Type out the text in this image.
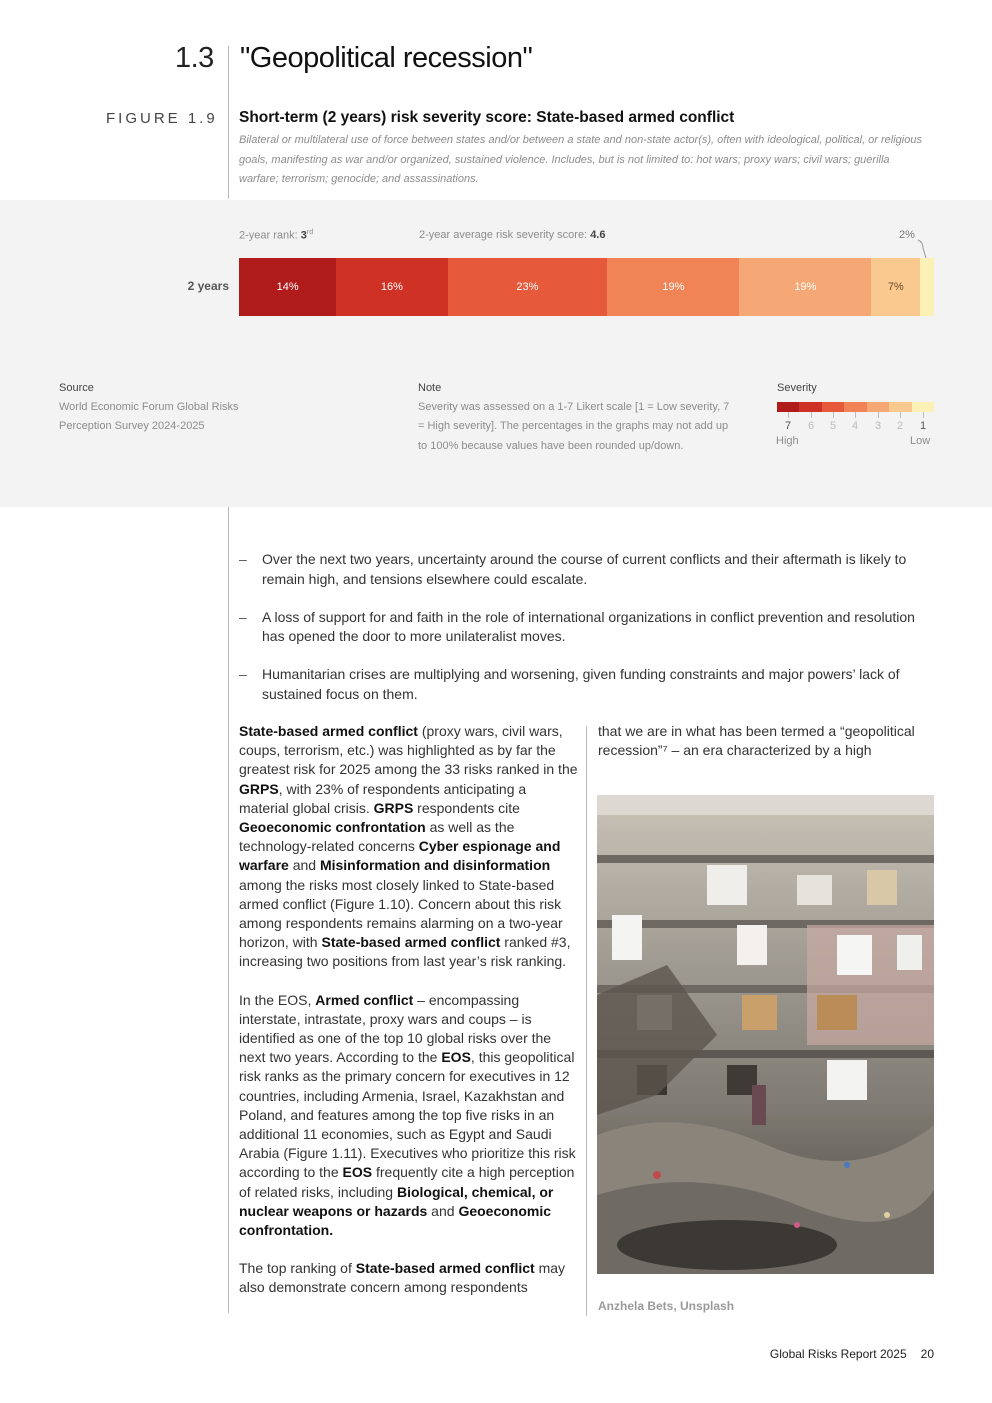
1.3 "Geopolitical recession"
FIGURE 1.9 Short-term (2 years) risk severity score: State-based armed conflict
Bilateral or multilateral use of force between states and/or between a state and non-state actor(s), often with ideological, political, or religious goals, manifesting as war and/or organized, sustained violence. Includes, but is not limited to: hot wars; proxy wars; civil wars; guerilla warfare; terrorism; genocide; and assassinations.
2-year rank: 3rd	2-year average risk severity score: 4.6
2 years	14%	16%	23%	19%	19%	7%
2%
Source
World Economic Forum Global Risks Perception Survey 2024-2025
Note
Severity was assessed on a 1-7 Likert scale [1 = Low severity, 7 = High severity]. The percentages in the graphs may not add up to 100% because values have been rounded up/down.
Severity
7 6 5 4 3 2 1
High	Low
– Over the next two years, uncertainty around the course of current conflicts and their aftermath is likely to remain high, and tensions elsewhere could escalate.
– A loss of support for and faith in the role of international organizations in conflict prevention and resolution has opened the door to more unilateralist moves.
– Humanitarian crises are multiplying and worsening, given funding constraints and major powers’ lack of sustained focus on them.

State-based armed conflict (proxy wars, civil wars, coups, terrorism, etc.) was highlighted as by far the greatest risk for 2025 among the 33 risks ranked in the GRPS, with 23% of respondents anticipating a material global crisis. GRPS respondents cite Geoeconomic confrontation as well as the technology-related concerns Cyber espionage and warfare and Misinformation and disinformation among the risks most closely linked to State-based armed conflict (Figure 1.10). Concern about this risk among respondents remains alarming on a two-year horizon, with State-based armed conflict ranked #3, increasing two positions from last year’s risk ranking.

In the EOS, Armed conflict – encompassing interstate, intrastate, proxy wars and coups – is identified as one of the top 10 global risks over the next two years. According to the EOS, this geopolitical risk ranks as the primary concern for executives in 12 countries, including Armenia, Israel, Kazakhstan and Poland, and features among the top five risks in an additional 11 economies, such as Egypt and Saudi Arabia (Figure 1.11). Executives who prioritize this risk according to the EOS frequently cite a high perception of related risks, including Biological, chemical, or nuclear weapons or hazards and Geoeconomic confrontation.

The top ranking of State-based armed conflict may also demonstrate concern among respondents

that we are in what has been termed a “geopolitical recession”⁷ – an era characterized by a high
Anzhela Bets, Unsplash
Global Risks Report 2025 20
